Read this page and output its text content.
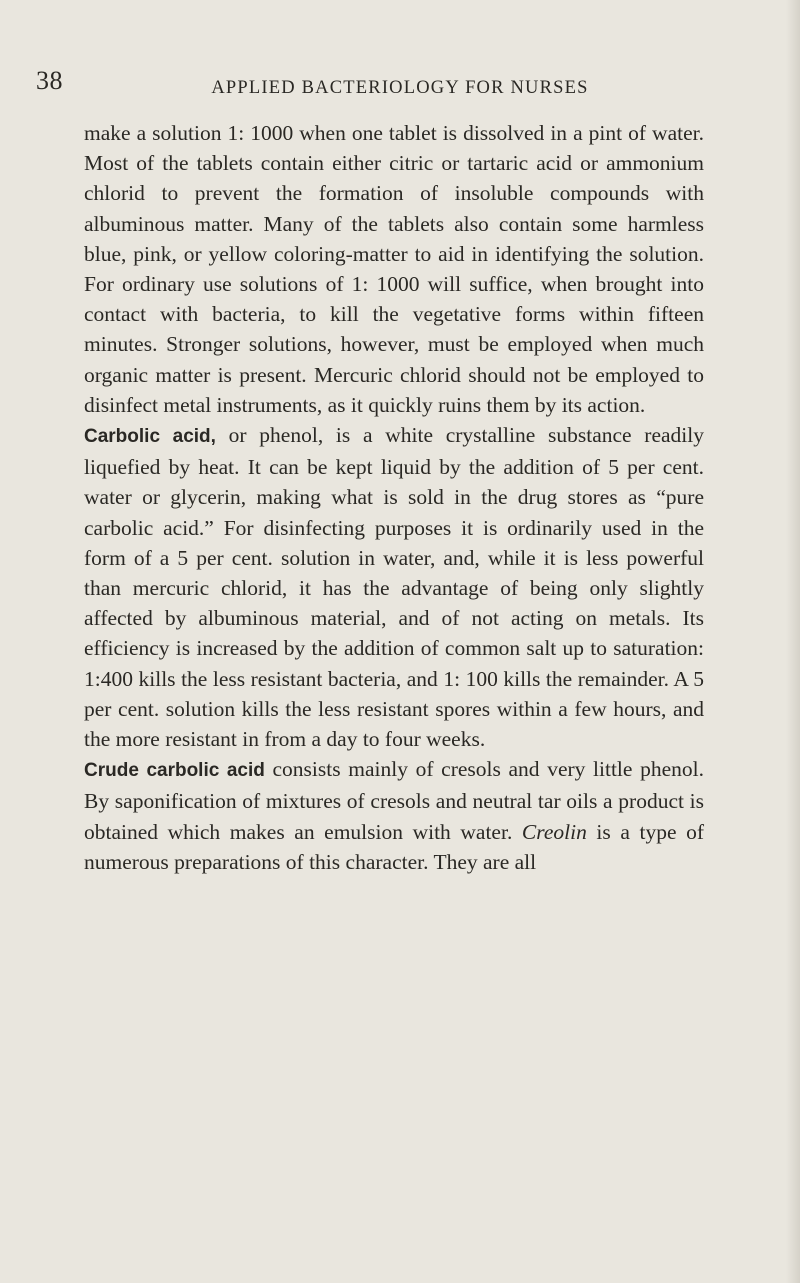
38	APPLIED BACTERIOLOGY FOR NURSES

make a solution 1: 1000 when one tablet is dissolved in a pint of water. Most of the tablets contain either citric or tartaric acid or ammonium chlorid to prevent the formation of insoluble compounds with albuminous matter. Many of the tablets also contain some harmless blue, pink, or yellow coloring-matter to aid in identifying the solution. For ordinary use solutions of 1: 1000 will suffice, when brought into contact with bacteria, to kill the vegetative forms within fifteen minutes. Stronger solutions, however, must be employed when much organic matter is present. Mercuric chlorid should not be employed to disinfect metal instruments, as it quickly ruins them by its action.

Carbolic acid, or phenol, is a white crystalline substance readily liquefied by heat. It can be kept liquid by the addition of 5 per cent. water or glycerin, making what is sold in the drug stores as “pure carbolic acid.” For disinfecting purposes it is ordinarily used in the form of a 5 per cent. solution in water, and, while it is less powerful than mercuric chlorid, it has the advantage of being only slightly affected by albuminous material, and of not acting on metals. Its efficiency is increased by the addition of common salt up to saturation: 1:400 kills the less resistant bacteria, and 1: 100 kills the remainder. A 5 per cent. solution kills the less resistant spores within a few hours, and the more resistant in from a day to four weeks.

Crude carbolic acid consists mainly of cresols and very little phenol. By saponification of mixtures of cresols and neutral tar oils a product is obtained which makes an emulsion with water. Creolin is a type of numerous preparations of this character. They are all
